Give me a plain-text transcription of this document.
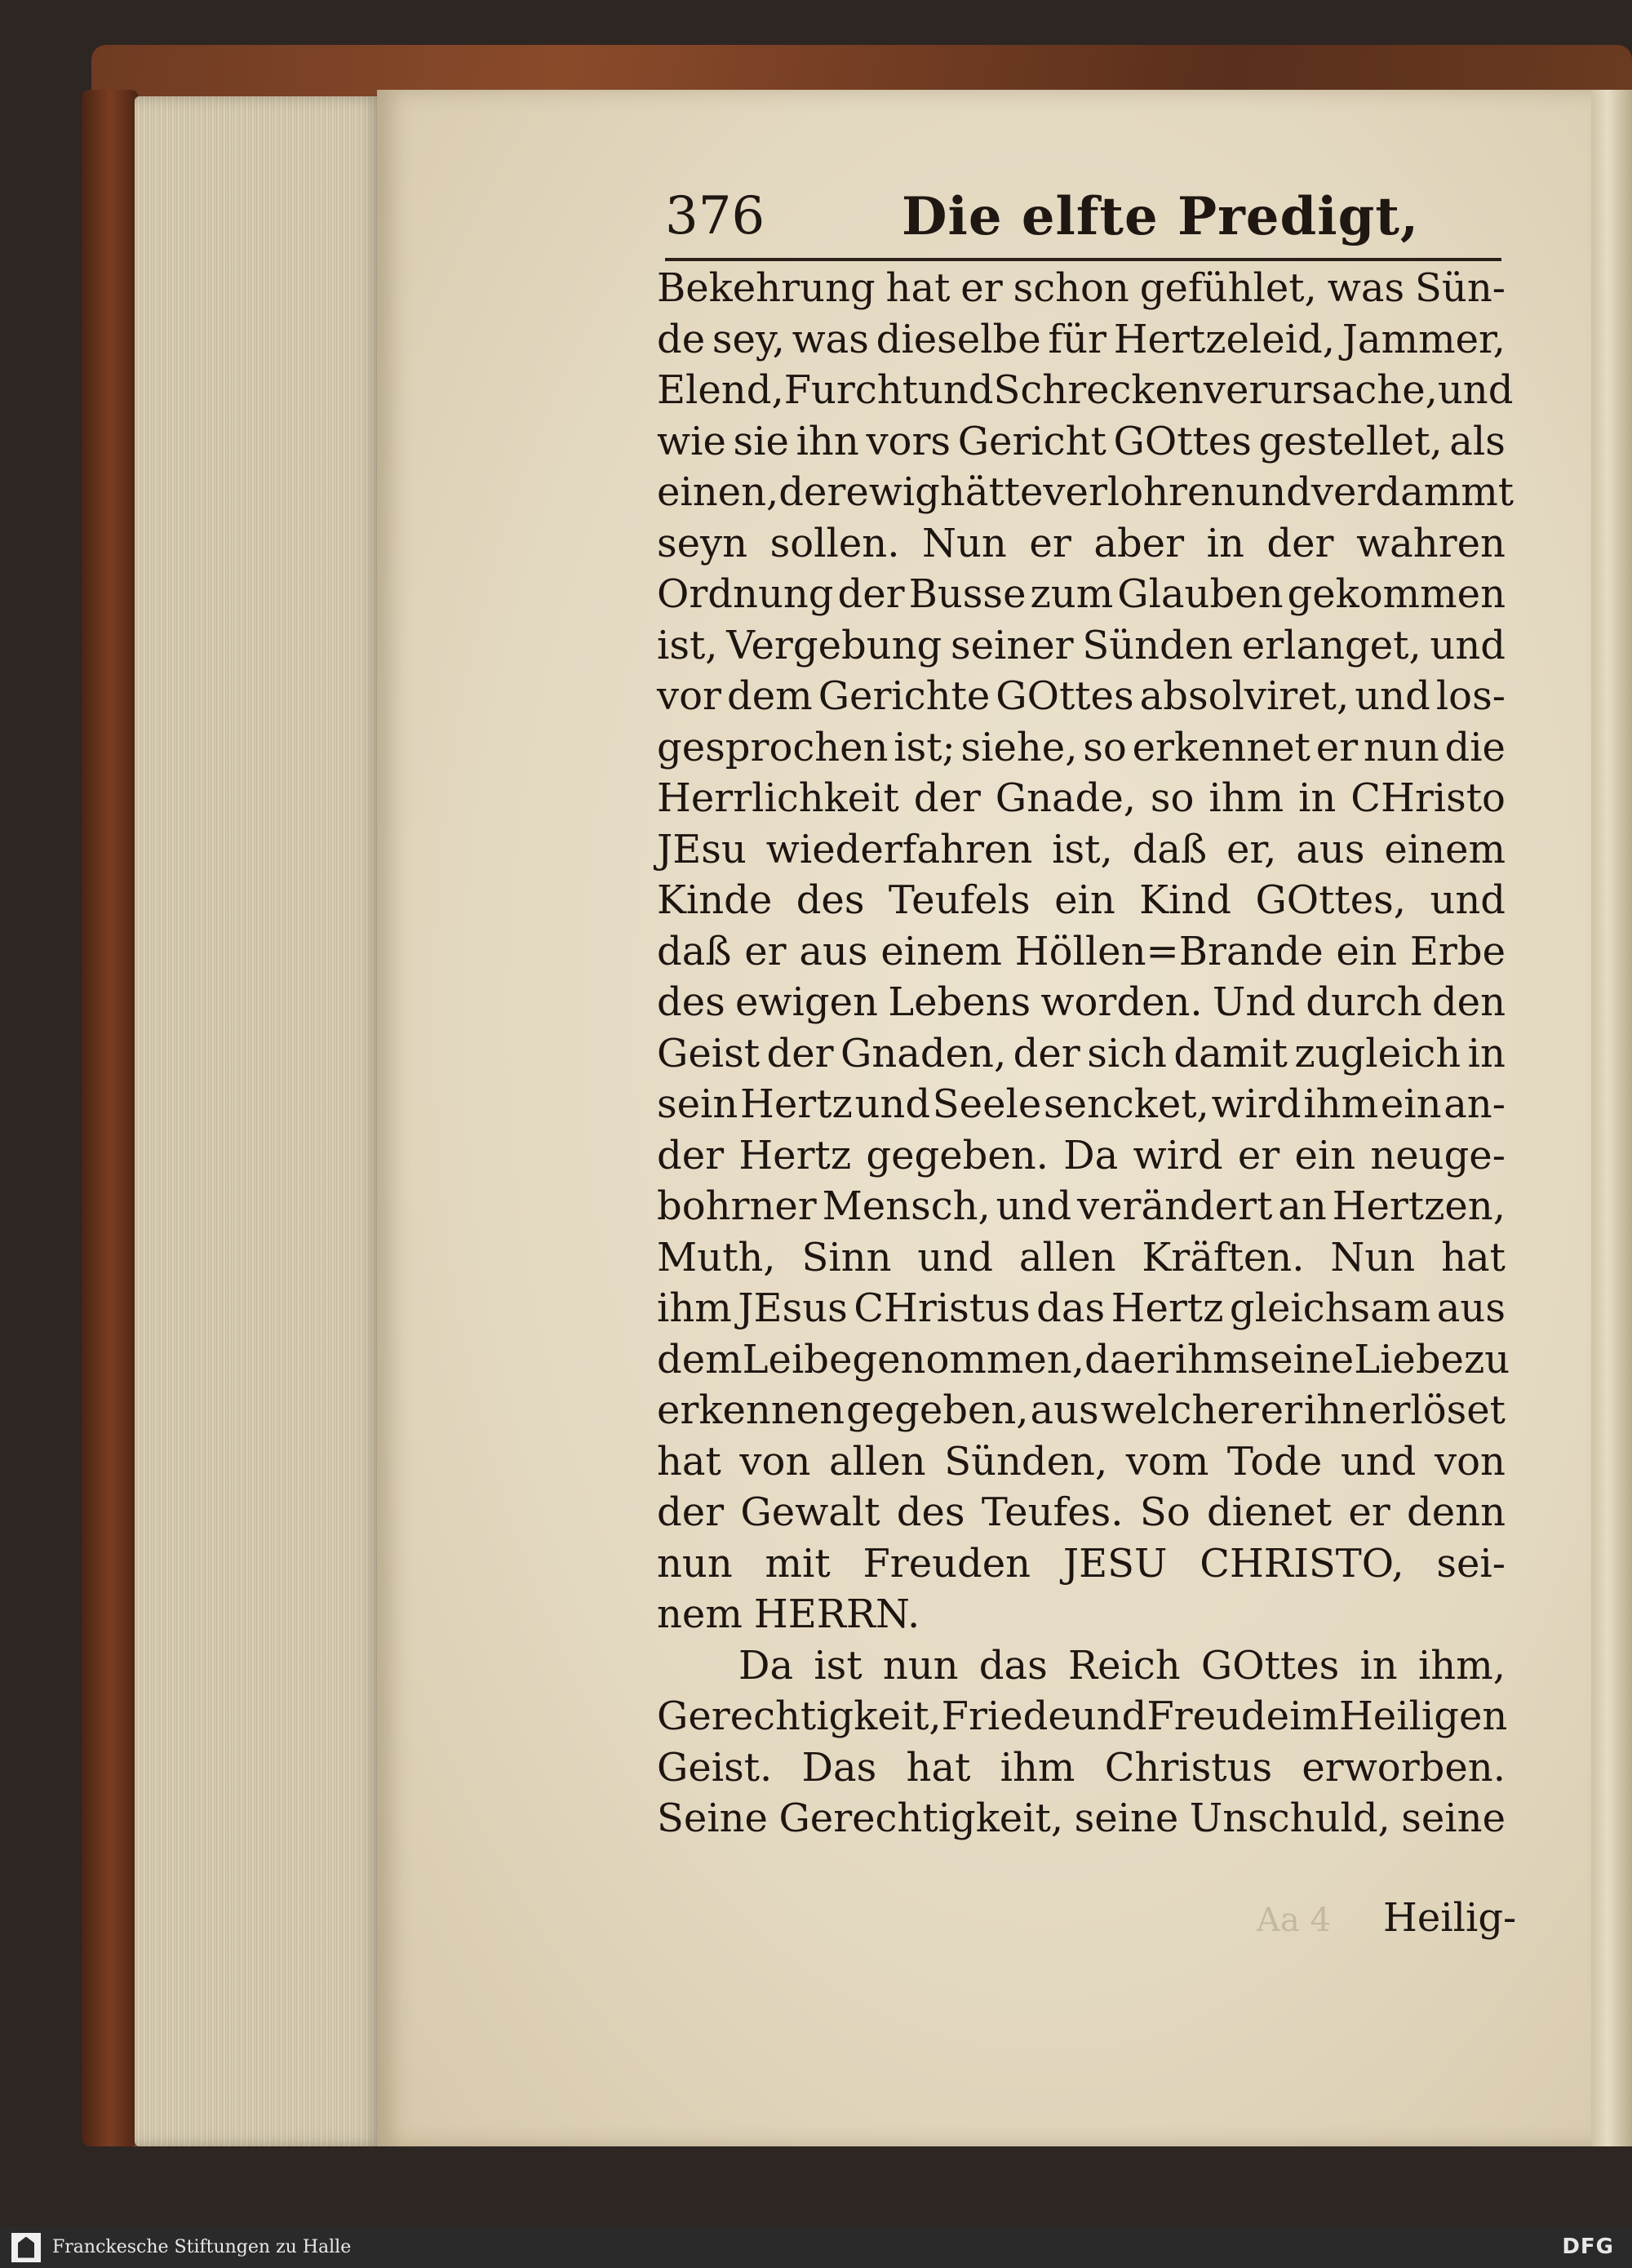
376	Die elfte Predigt,
Bekehrung hat er schon gefühlet, was Sün-
de sey, was dieselbe für Hertzeleid, Jammer,
Elend, Furcht und Schrecken verursache, und
wie sie ihn vors Gericht GOttes gestellet, als
einen, der ewig hätte verlohren und verdammt
seyn sollen. Nun er aber in der wahren
Ordnung der Busse zum Glauben gekommen
ist, Vergebung seiner Sünden erlanget, und
vor dem Gerichte GOttes absolviret, und los-
gesprochen ist; siehe, so erkennet er nun die
Herrlichkeit der Gnade, so ihm in CHristo
JEsu wiederfahren ist, daß er, aus einem
Kinde des Teufels ein Kind GOttes, und
daß er aus einem Höllen=Brande ein Erbe
des ewigen Lebens worden. Und durch den
Geist der Gnaden, der sich damit zugleich in
sein Hertz und Seele sencket, wird ihm ein an-
der Hertz gegeben. Da wird er ein neuge-
bohrner Mensch, und verändert an Hertzen,
Muth, Sinn und allen Kräften. Nun hat
ihm JEsus CHristus das Hertz gleichsam aus
dem Leibe genommen, da er ihm seine Liebe zu
erkennen gegeben, aus welcher er ihn erlöset
hat von allen Sünden, vom Tode und von
der Gewalt des Teufes. So dienet er denn
nun mit Freuden JESU CHRISTO, sei-
nem HERRN.
Da ist nun das Reich GOttes in ihm,
Gerechtigkeit, Friede und Freude im Heiligen
Geist. Das hat ihm Christus erworben.
Seine Gerechtigkeit, seine Unschuld, seine
Aa 4 Heilig-
Franckesche Stiftungen zu Halle	DFG
